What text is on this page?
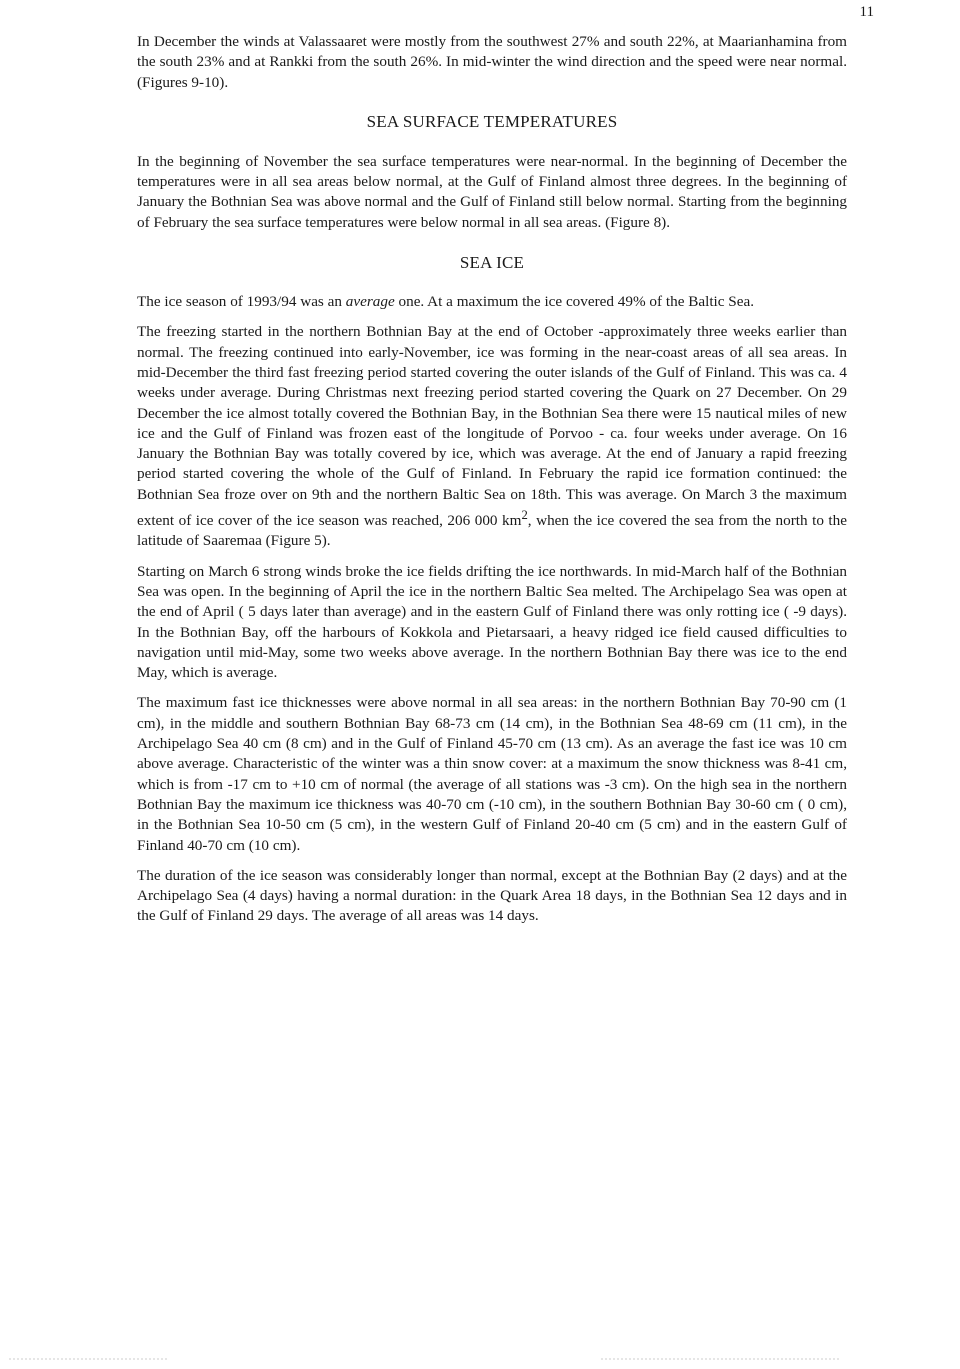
11

In December the winds at Valassaaret were mostly from the southwest 27% and south 22%, at Maarianhamina from the south 23% and at Rankki from the south 26%. In mid-winter the wind direction and the speed were near normal. (Figures 9-10).

SEA SURFACE TEMPERATURES

In the beginning of November the sea surface temperatures were near-normal. In the beginning of December the temperatures were in all sea areas below normal, at the Gulf of Finland almost three degrees. In the beginning of January the Bothnian Sea was above normal and the Gulf of Finland still below normal. Starting from the beginning of February the sea surface temperatures were below normal in all sea areas. (Figure 8).

SEA ICE

The ice season of 1993/94 was an average one. At a maximum the ice covered 49% of the Baltic Sea.

The freezing started in the northern Bothnian Bay at the end of October -approximately three weeks earlier than normal. The freezing continued into early-November, ice was forming in the near-coast areas of all sea areas. In mid-December the third fast freezing period started covering the outer islands of the Gulf of Finland. This was ca. 4 weeks under average. During Christmas next freezing period started covering the Quark on 27 December. On 29 December the ice almost totally covered the Bothnian Bay, in the Bothnian Sea there were 15 nautical miles of new ice and the Gulf of Finland was frozen east of the longitude of Porvoo - ca. four weeks under average. On 16 January the Bothnian Bay was totally covered by ice, which was average. At the end of January a rapid freezing period started covering the whole of the Gulf of Finland. In February the rapid ice formation continued: the Bothnian Sea froze over on 9th and the northern Baltic Sea on 18th. This was average. On March 3 the maximum extent of ice cover of the ice season was reached, 206 000 $km^2$, when the ice covered the sea from the north to the latitude of Saaremaa (Figure 5).

Starting on March 6 strong winds broke the ice fields drifting the ice northwards. In mid-March half of the Bothnian Sea was open. In the beginning of April the ice in the northern Baltic Sea melted. The Archipelago Sea was open at the end of April ( 5 days later than average) and in the eastern Gulf of Finland there was only rotting ice ( -9 days). In the Bothnian Bay, off the harbours of Kokkola and Pietarsaari, a heavy ridged ice field caused difficulties to navigation until mid-May, some two weeks above average. In the northern Bothnian Bay there was ice to the end May, which is average.

The maximum fast ice thicknesses were above normal in all sea areas: in the northern Bothnian Bay 70-90 cm (1 cm), in the middle and southern Bothnian Bay 68-73 cm (14 cm), in the Bothnian Sea 48-69 cm (11 cm), in the Archipelago Sea 40 cm (8 cm) and in the Gulf of Finland 45-70 cm (13 cm). As an average the fast ice was 10 cm above average. Characteristic of the winter was a thin snow cover: at a maximum the snow thickness was 8-41 cm, which is from -17 cm to +10 cm of normal (the average of all stations was -3 cm). On the high sea in the northern Bothnian Bay the maximum ice thickness was 40-70 cm (-10 cm), in the southern Bothnian Bay 30-60 cm ( 0 cm), in the Bothnian Sea 10-50 cm (5 cm), in the western Gulf of Finland 20-40 cm (5 cm) and in the eastern Gulf of Finland 40-70 cm (10 cm).

The duration of the ice season was considerably longer than normal, except at the Bothnian Bay (2 days) and at the Archipelago Sea (4 days) having a normal duration: in the Quark Area 18 days, in the Bothnian Sea 12 days and in the Gulf of Finland 29 days. The average of all areas was 14 days.
